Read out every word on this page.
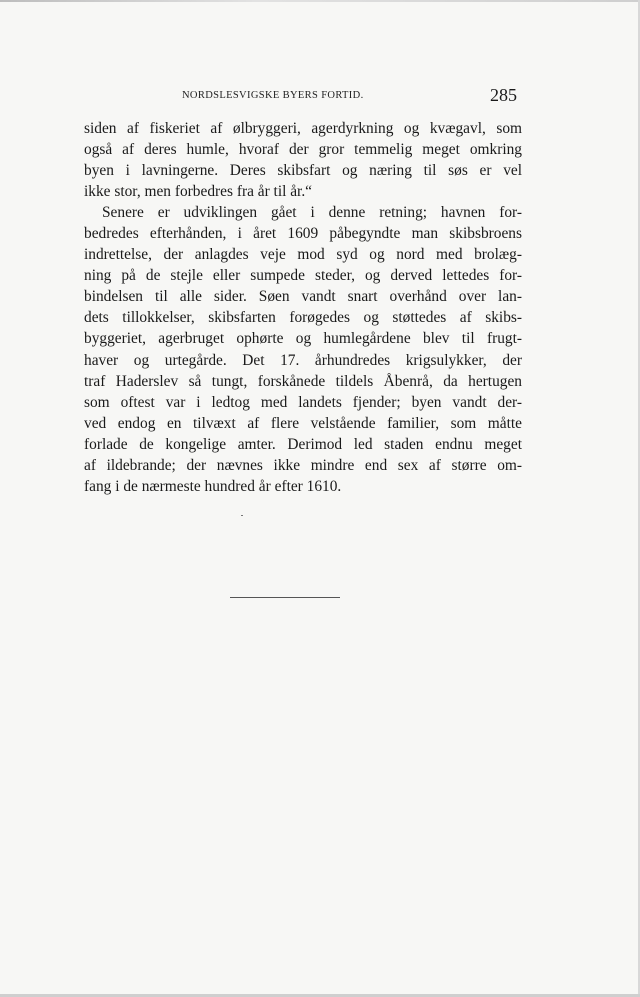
NORDSLESVIGSKE BYERS FORTID.	285
siden af fiskeriet af ølbryggeri, agerdyrkning og kvægavl, som
også af deres humle, hvoraf der gror temmelig meget omkring
byen i lavningerne. Deres skibsfart og næring til søs er vel
ikke stor, men forbedres fra år til år.“
Senere er udviklingen gået i denne retning; havnen for-
bedredes efterhånden, i året 1609 påbegyndte man skibsbroens
indrettelse, der anlagdes veje mod syd og nord med brolæg-
ning på de stejle eller sumpede steder, og derved lettedes for-
bindelsen til alle sider. Søen vandt snart overhånd over lan-
dets tillokkelser, skibsfarten forøgedes og støttedes af skibs-
byggeriet, agerbruget ophørte og humlegårdene blev til frugt-
haver og urtegårde. Det 17. århundredes krigsulykker, der
traf Haderslev så tungt, forskånede tildels Åbenrå, da hertugen
som oftest var i ledtog med landets fjender; byen vandt der-
ved endog en tilvæxt af flere velstående familier, som måtte
forlade de kongelige amter. Derimod led staden endnu meget
af ildebrande; der nævnes ikke mindre end sex af større om-
fang i de nærmeste hundred år efter 1610.
